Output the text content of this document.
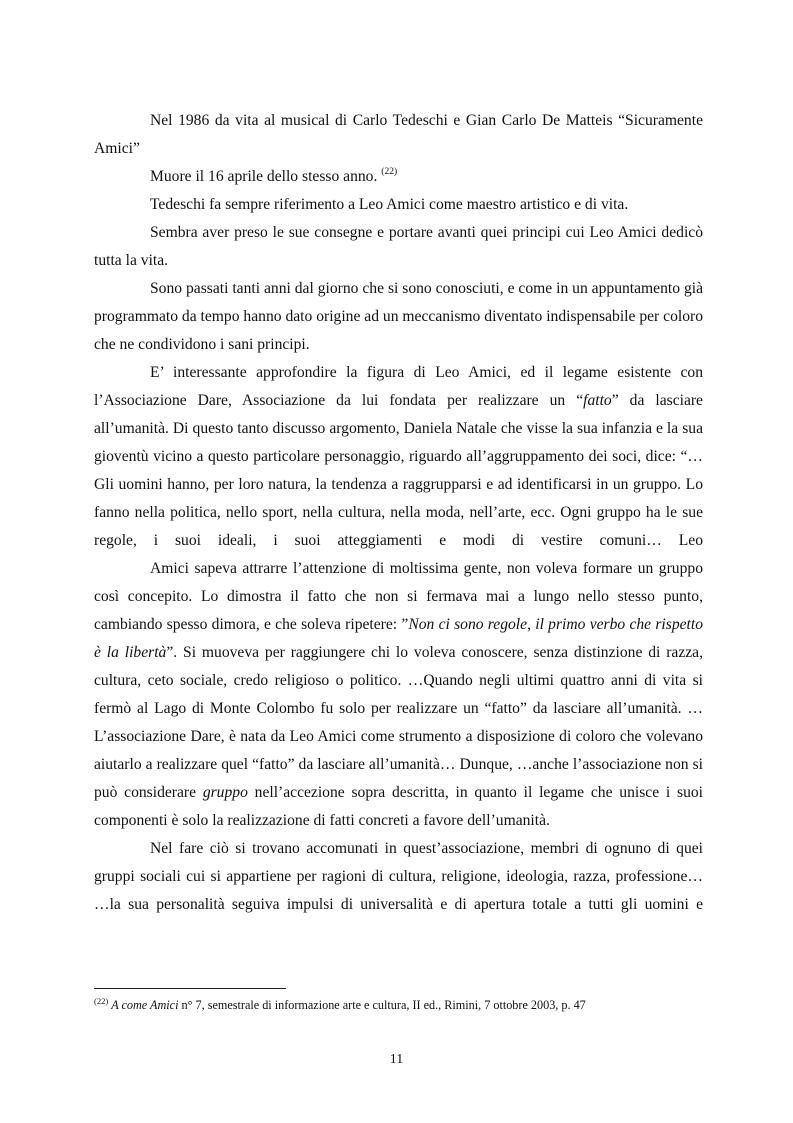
Nel 1986 da vita al musical di Carlo Tedeschi e Gian Carlo De Matteis “Sicuramente Amici”

Muore il 16 aprile dello stesso anno. $^{(22)}$

Tedeschi fa sempre riferimento a Leo Amici come maestro artistico e di vita.

Sembra aver preso le sue consegne e portare avanti quei principi cui Leo Amici dedicò tutta la vita.

Sono passati tanti anni dal giorno che si sono conosciuti, e come in un appuntamento già programmato da tempo hanno dato origine ad un meccanismo diventato indispensabile per coloro che ne condividono i sani principi.

E’ interessante approfondire la figura di Leo Amici, ed il legame esistente con l’Associazione Dare, Associazione da lui fondata per realizzare un “fatto” da lasciare all’umanità. Di questo tanto discusso argomento, Daniela Natale che visse la sua infanzia e la sua gioventù vicino a questo particolare personaggio, riguardo all’aggruppamento dei soci, dice: “…Gli uomini hanno, per loro natura, la tendenza a raggrupparsi e ad identificarsi in un gruppo. Lo fanno nella politica, nello sport, nella cultura, nella moda, nell’arte, ecc. Ogni gruppo ha le sue regole, i suoi ideali, i suoi atteggiamenti e modi di vestire comuni… Leo

Amici sapeva attrarre l’attenzione di moltissima gente, non voleva formare un gruppo così concepito. Lo dimostra il fatto che non si fermava mai a lungo nello stesso punto, cambiando spesso dimora, e che soleva ripetere: ”Non ci sono regole, il primo verbo che rispetto è la libertà”. Si muoveva per raggiungere chi lo voleva conoscere, senza distinzione di razza, cultura, ceto sociale, credo religioso o politico. …Quando negli ultimi quattro anni di vita si fermò al Lago di Monte Colombo fu solo per realizzare un “fatto” da lasciare all’umanità. …L’associazione Dare, è nata da Leo Amici come strumento a disposizione di coloro che volevano aiutarlo a realizzare quel “fatto” da lasciare all’umanità… Dunque, …anche l’associazione non si può considerare gruppo nell’accezione sopra descritta, in quanto il legame che unisce i suoi componenti è solo la realizzazione di fatti concreti a favore dell’umanità.

Nel fare ciò si trovano accomunati in quest’associazione, membri di ognuno di quei gruppi sociali cui si appartiene per ragioni di cultura, religione, ideologia, razza, professione… …la sua personalità seguiva impulsi di universalità e di apertura totale a tutti gli uomini e

$^{(22)}$ A come Amici n° 7, semestrale di informazione arte e cultura, II ed., Rimini, 7 ottobre 2003, p. 47
11
